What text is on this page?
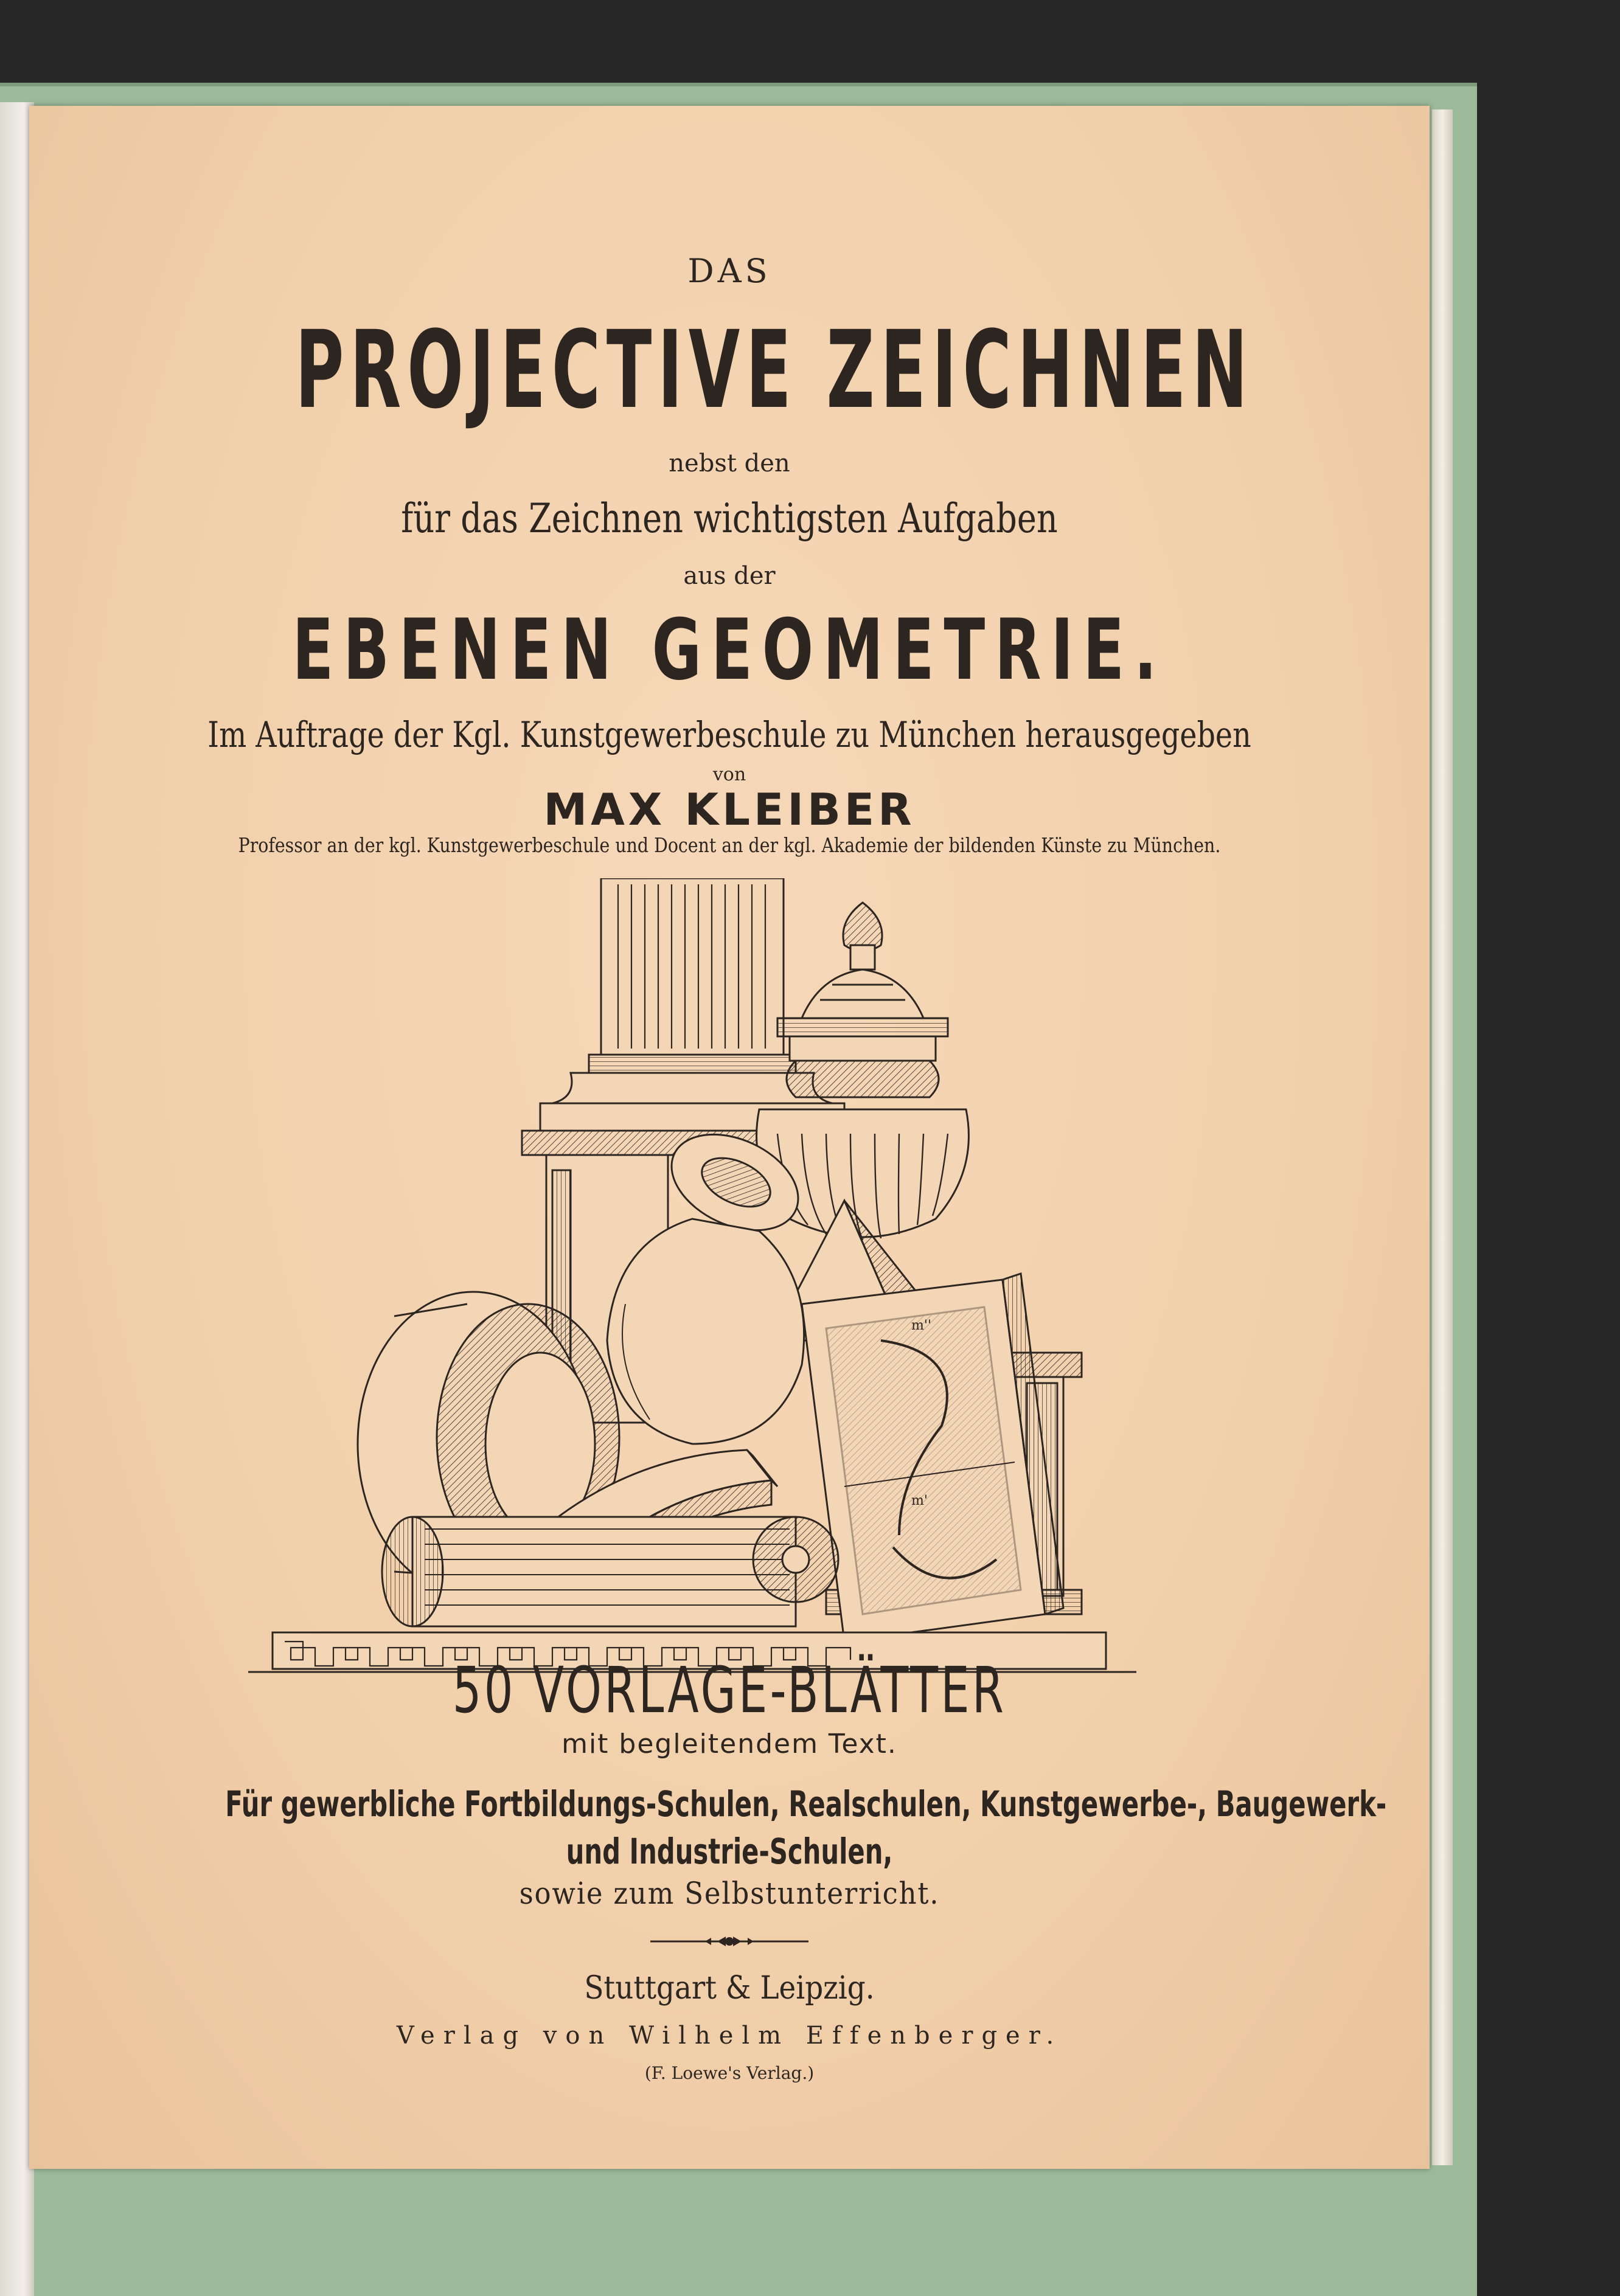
DAS

PROJECTIVE ZEICHNEN

nebst den

für das Zeichnen wichtigsten Aufgaben

aus der

EBENEN GEOMETRIE.

Im Auftrage der Kgl. Kunstgewerbeschule zu München herausgegeben

von

MAX KLEIBER

Professor an der kgl. Kunstgewerbeschule und Docent an der kgl. Akademie der bildenden Künste zu München.

m''
m'

50 VORLAGE-BLÄTTER

mit begleitendem Text.

Für gewerbliche Fortbildungs-Schulen, Realschulen, Kunstgewerbe-, Baugewerk-

und Industrie-Schulen,

sowie zum Selbstunterricht.

Stuttgart & Leipzig.

Verlag von Wilhelm Effenberger.

(F. Loewe's Verlag.)
